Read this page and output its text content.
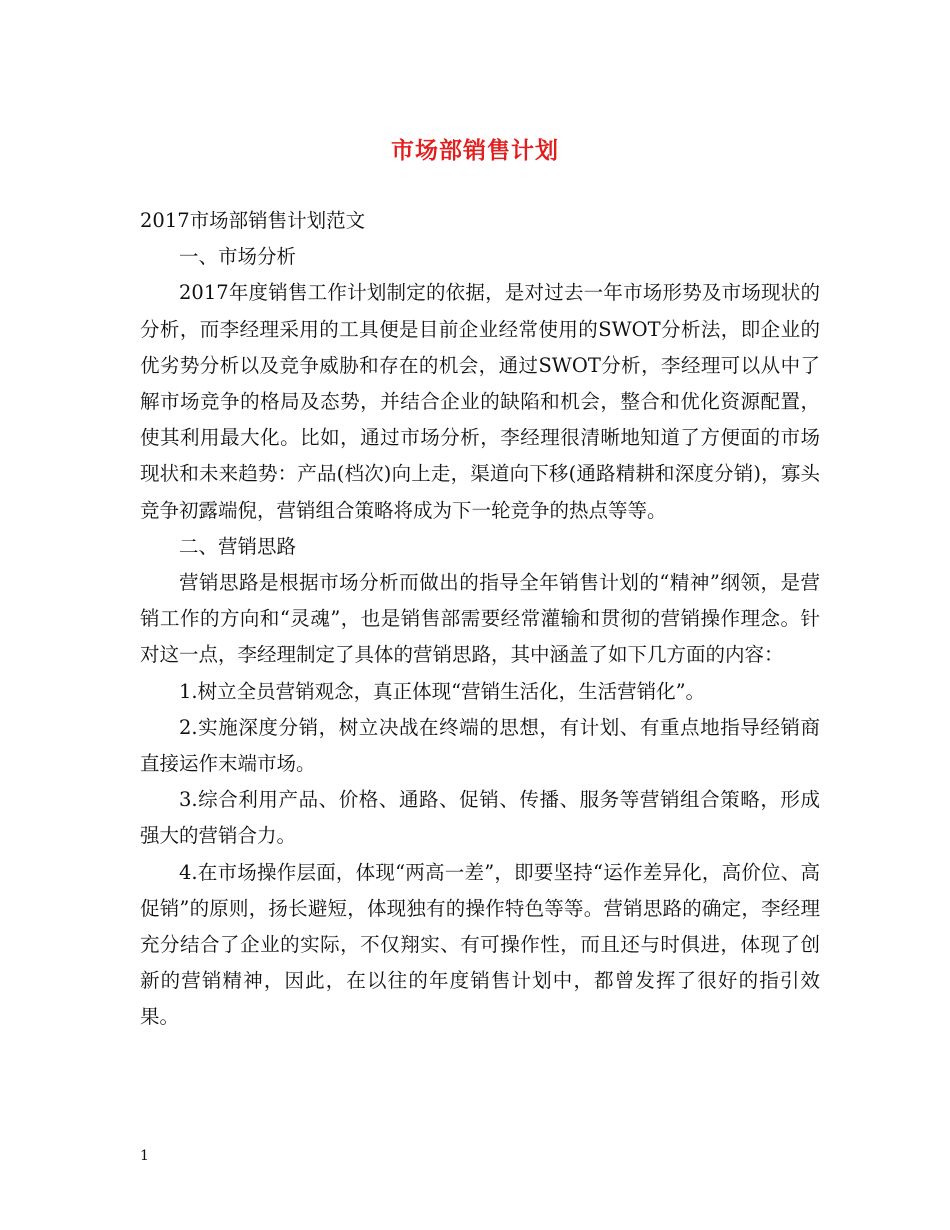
市场部销售计划

2017市场部销售计划范文

一、市场分析

2017年度销售工作计划制定的依据，是对过去一年市场形势及市场现状的分析，而李经理采用的工具便是目前企业经常使用的SWOT分析法，即企业的优劣势分析以及竞争威胁和存在的机会，通过SWOT分析，李经理可以从中了解市场竞争的格局及态势，并结合企业的缺陷和机会，整合和优化资源配置，使其利用最大化。比如，通过市场分析，李经理很清晰地知道了方便面的市场现状和未来趋势：产品(档次)向上走，渠道向下移(通路精耕和深度分销)，寡头竞争初露端倪，营销组合策略将成为下一轮竞争的热点等等。

二、营销思路

营销思路是根据市场分析而做出的指导全年销售计划的“精神”纲领，是营销工作的方向和“灵魂”，也是销售部需要经常灌输和贯彻的营销操作理念。针对这一点，李经理制定了具体的营销思路，其中涵盖了如下几方面的内容：

1.树立全员营销观念，真正体现“营销生活化，生活营销化”。

2.实施深度分销，树立决战在终端的思想，有计划、有重点地指导经销商直接运作末端市场。

3.综合利用产品、价格、通路、促销、传播、服务等营销组合策略，形成强大的营销合力。

4.在市场操作层面，体现“两高一差”，即要坚持“运作差异化，高价位、高促销”的原则，扬长避短，体现独有的操作特色等等。营销思路的确定，李经理充分结合了企业的实际，不仅翔实、有可操作性，而且还与时俱进，体现了创新的营销精神，因此，在以往的年度销售计划中，都曾发挥了很好的指引效果。

1
